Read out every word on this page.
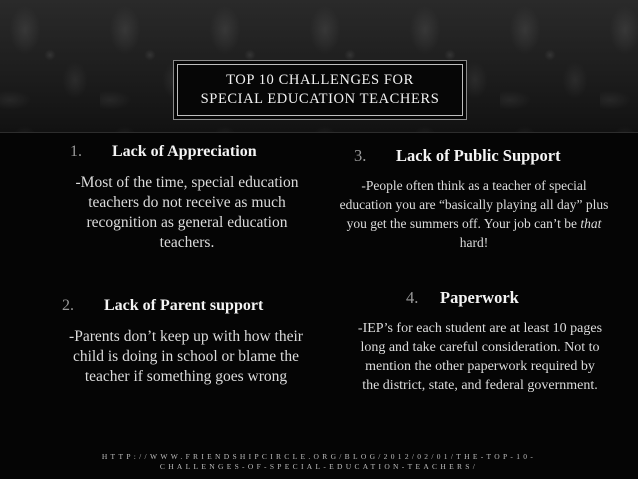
TOP 10 CHALLENGES FOR
SPECIAL EDUCATION TEACHERS
1. Lack of Appreciation
-Most of the time, special education teachers do not receive as much recognition as general education teachers.
3. Lack of Public Support
-People often think as a teacher of special education you are “basically playing all day” plus you get the summers off. Your job can’t be that hard!
2. Lack of Parent support
-Parents don’t keep up with how their child is doing in school or blame the teacher if something goes wrong
4. Paperwork
-IEP’s for each student are at least 10 pages long and take careful consideration. Not to mention the other paperwork required by the district, state, and federal government.
HTTP://WWW.FRIENDSHIPCIRCLE.ORG/BLOG/2012/02/01/THE-TOP-10-CHALLENGES-OF-SPECIAL-EDUCATION-TEACHERS/
